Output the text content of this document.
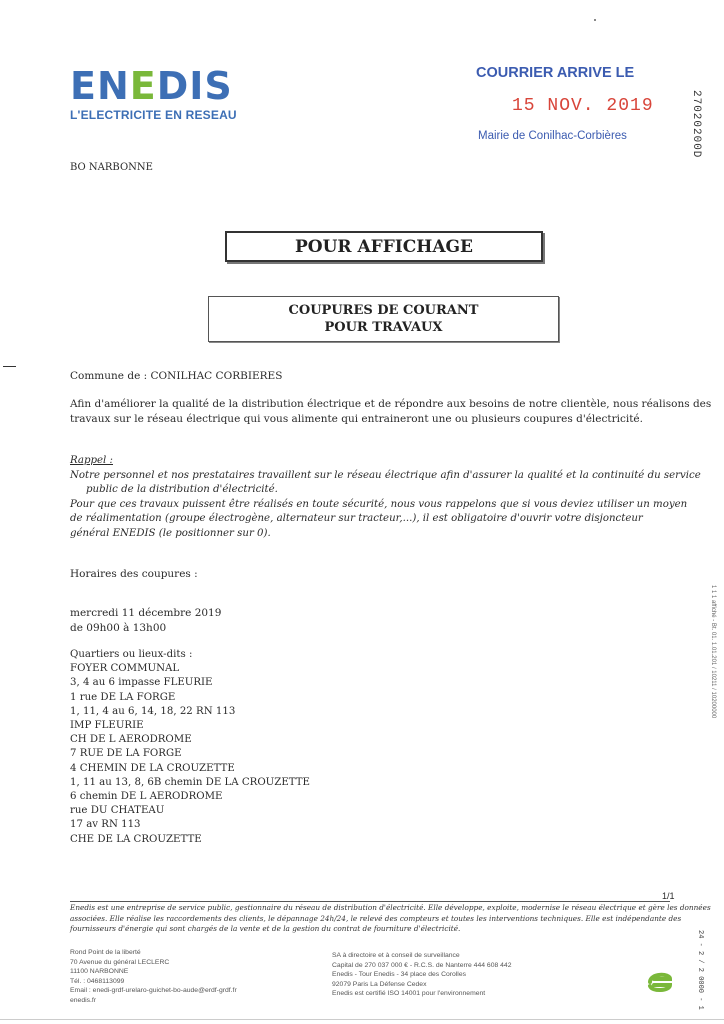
ENEDIS
L'ELECTRICITE EN RESEAU
COURRIER ARRIVE LE
15 NOV. 2019
Mairie de Conilhac-Corbières	27020200D
1 1 1 affiché - Bt. 01. 1.01.201 / 10211 / 10200000
BO NARBONNE
POUR AFFICHAGE
COUPURES DE COURANT
POUR TRAVAUX
Commune de : CONILHAC CORBIERES
Afin d'améliorer la qualité de la distribution électrique et de répondre aux besoins de notre clientèle, nous réalisons des
travaux sur le réseau électrique qui vous alimente qui entraineront une ou plusieurs coupures d'électricité.
Rappel :
Notre personnel et nos prestataires travaillent sur le réseau électrique afin d'assurer la qualité et la continuité du service
public de la distribution d'électricité.
Pour que ces travaux puissent être réalisés en toute sécurité, nous vous rappelons que si vous deviez utiliser un moyen
de réalimentation (groupe électrogène, alternateur sur tracteur,...), il est obligatoire d'ouvrir votre disjoncteur
général ENEDIS (le positionner sur 0).
Horaires des coupures :
mercredi 11 décembre 2019
de 09h00 à 13h00
Quartiers ou lieux-dits :
FOYER COMMUNAL
3, 4 au 6 impasse FLEURIE
1 rue DE LA FORGE
1, 11, 4 au 6, 14, 18, 22 RN 113
IMP FLEURIE
CH DE L AERODROME
7 RUE DE LA FORGE
4 CHEMIN DE LA CROUZETTE
1, 11 au 13, 8, 6B chemin DE LA CROUZETTE
6 chemin DE L AERODROME
rue DU CHATEAU
17 av RN 113
CHE DE LA CROUZETTE
1/1
Enedis est une entreprise de service public, gestionnaire du réseau de distribution d'électricité. Elle développe, exploite, modernise le réseau électrique et gère les données
associées. Elle réalise les raccordements des clients, le dépannage 24h/24, le relevé des compteurs et toutes les interventions techniques. Elle est indépendante des
fournisseurs d'énergie qui sont chargés de la vente et de la gestion du contrat de fourniture d'électricité.
Rond Point de la liberté
70 Avenue du général LECLERC
11100 NARBONNE
Tél. : 0468113099
Email : enedi-grdf-urelaro-guichet-bo-aude@erdf-grdf.fr
enedis.fr
SA à directoire et à conseil de surveillance
Capital de 270 037 000 € - R.C.S. de Nanterre 444 608 442
Enedis - Tour Enedis - 34 place des Corolles
92079 Paris La Défense Cedex
Enedis est certifié ISO 14001 pour l'environnement	24 - 2 / 2 0000 - 1
